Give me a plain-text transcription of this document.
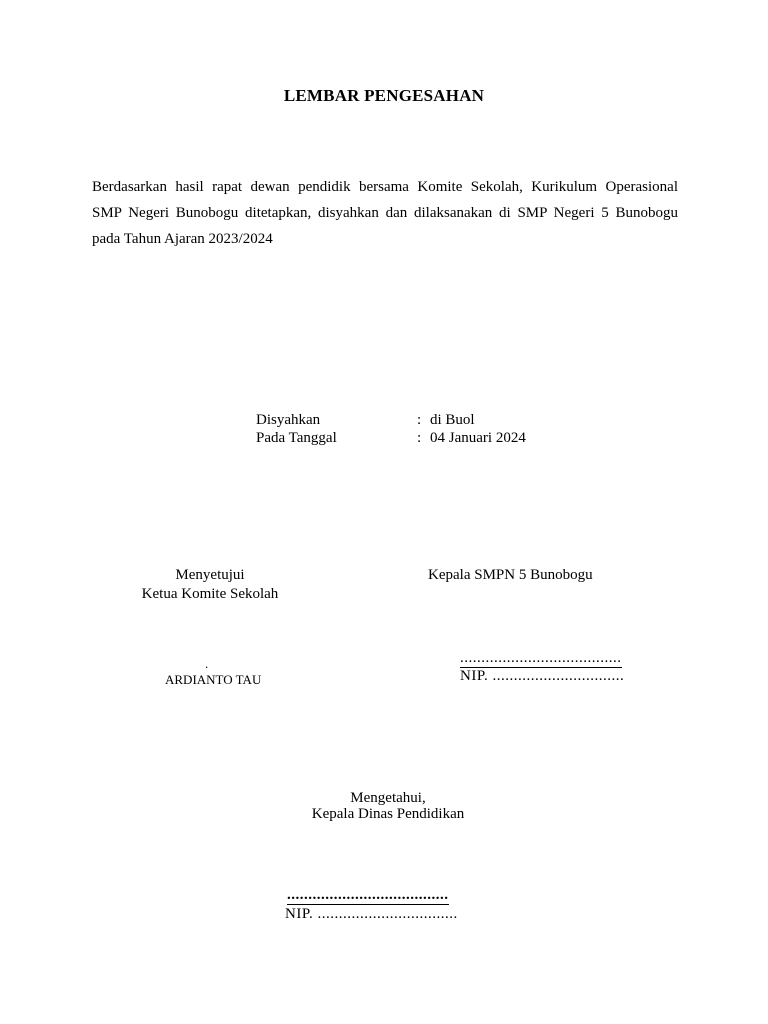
LEMBAR PENGESAHAN
Berdasarkan hasil rapat dewan pendidik bersama Komite Sekolah, Kurikulum Operasional
SMP Negeri Bunobogu ditetapkan, disyahkan dan dilaksanakan di SMP Negeri 5 Bunobogu
pada Tahun Ajaran 2023/2024
Disyahkan	: di Buol
Pada Tanggal	: 04 Januari 2024
Menyetujui
Ketua Komite Sekolah
.
ARDIANTO TAU
Kepala SMPN 5 Bunobogu
......................................
NIP. ...............................
Mengetahui,
Kepala Dinas Pendidikan
......................................
NIP. .................................
